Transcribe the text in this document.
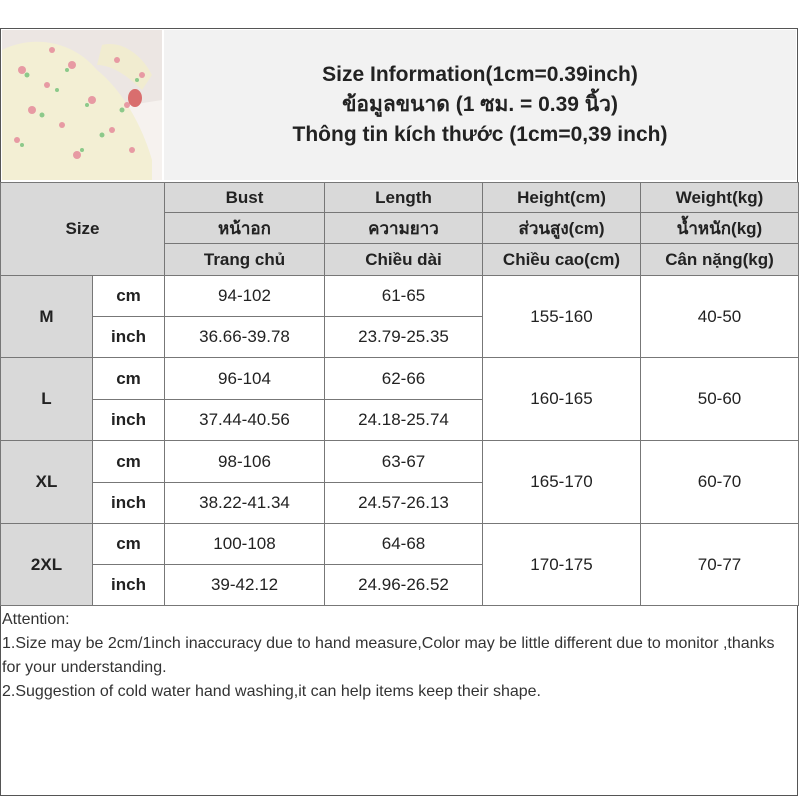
Size Information(1cm=0.39inch)
ข้อมูลขนาด (1 ซม. = 0.39 นิ้ว)
Thông tin kích thước (1cm=0,39 inch)
Size		Bust	Length	Height(cm)	Weight(kg)
		หน้าอก	ความยาว	ส่วนสูง(cm)	น้ำหนัก(kg)
		Trang chủ	Chiều dài	Chiều cao(cm)	Cân nặng(kg)
M	cm	94-102	61-65	155-160	40-50
	inch	36.66-39.78	23.79-25.35		
L	cm	96-104	62-66	160-165	50-60
	inch	37.44-40.56	24.18-25.74		
XL	cm	98-106	63-67	165-170	60-70
	inch	38.22-41.34	24.57-26.13		
2XL	cm	100-108	64-68	170-175	70-77
	inch	39-42.12	24.96-26.52		

Attention:

1.Size may be 2cm/1inch inaccuracy due to hand measure,Color may be little different due to monitor ,thanks for your understanding.

2.Suggestion of cold water hand washing,it can help items keep their shape.
